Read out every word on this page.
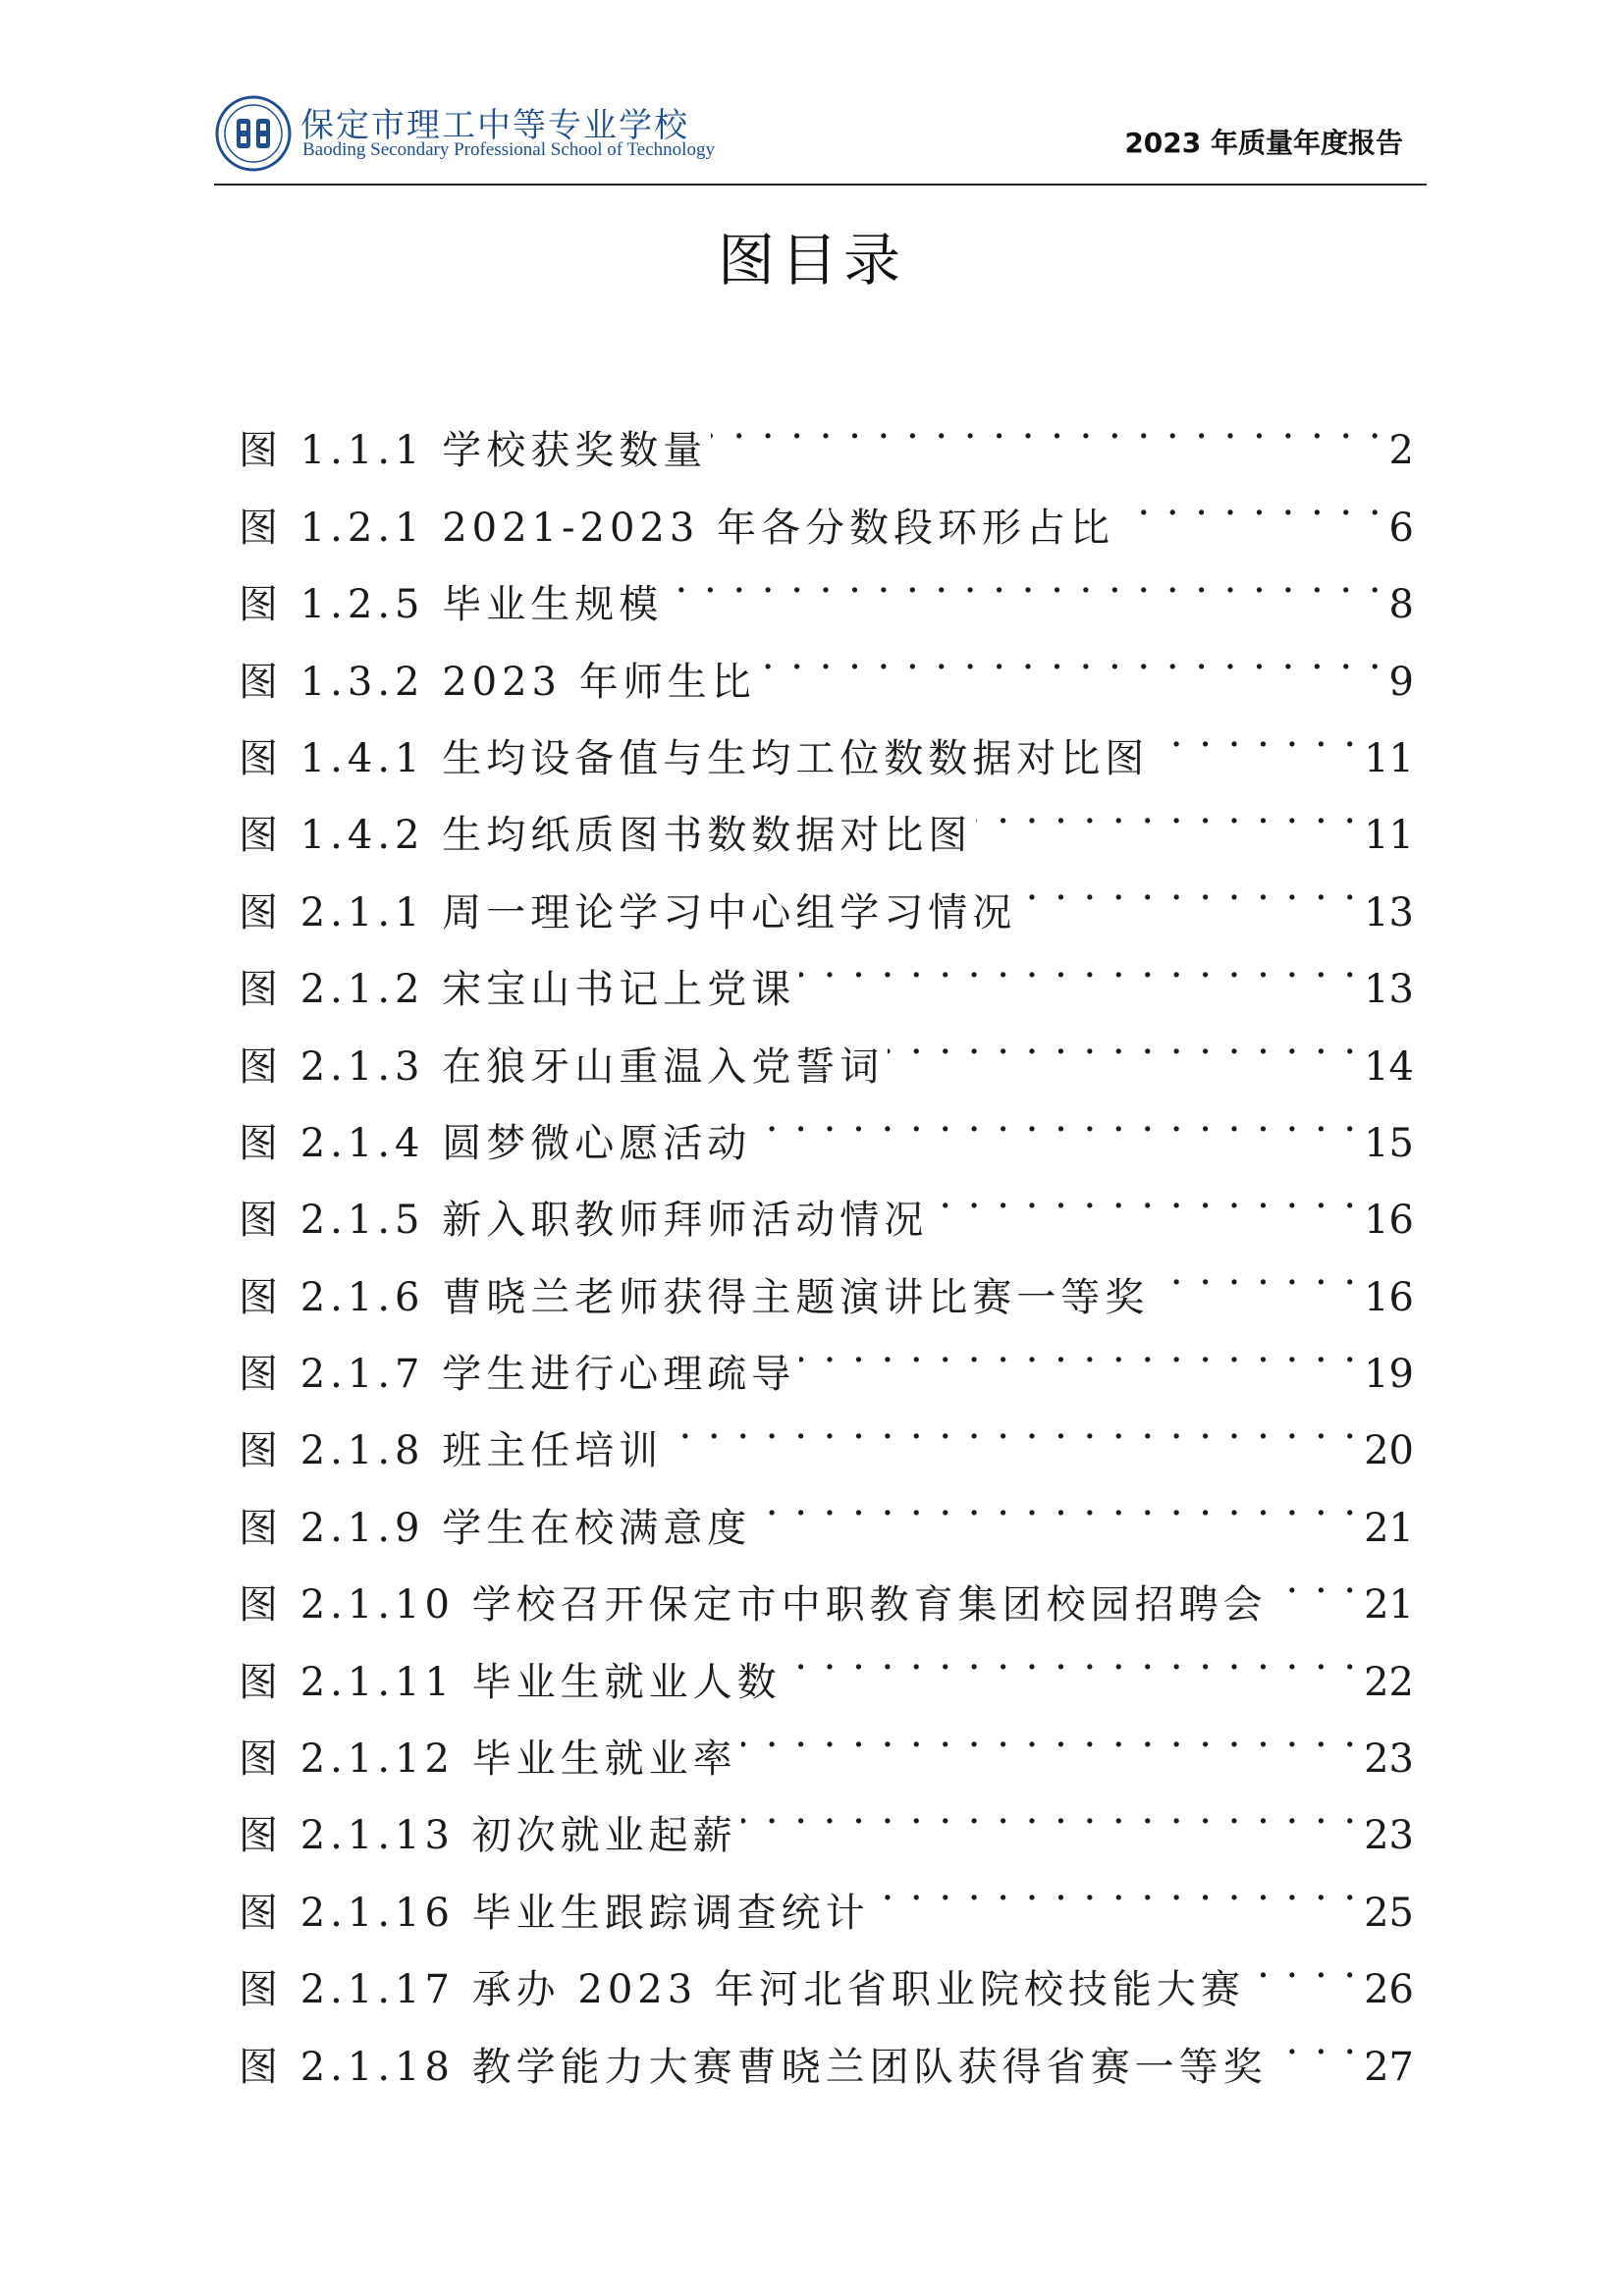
保定市理工中等专业学校
Baoding Secondary Professional School of Technology	2023 年质量年度报告
图目录
图 1.1.1 学校获奖数量 . . .	2
图 1.2.1 2021-2023 年各分数段环形占比 . . .	6
图 1.2.5 毕业生规模 . . .	8
图 1.3.2 2023 年师生比 . . .	9
图 1.4.1 生均设备值与生均工位数数据对比图 . . .	11
图 1.4.2 生均纸质图书数数据对比图 . . .	11
图 2.1.1 周一理论学习中心组学习情况 . . .	13
图 2.1.2 宋宝山书记上党课 . . .	13
图 2.1.3 在狼牙山重温入党誓词 . . .	14
图 2.1.4 圆梦微心愿活动 . . .	15
图 2.1.5 新入职教师拜师活动情况 . . .	16
图 2.1.6 曹晓兰老师获得主题演讲比赛一等奖 . . .	16
图 2.1.7 学生进行心理疏导 . . .	19
图 2.1.8 班主任培训 . . .	20
图 2.1.9 学生在校满意度 . . .	21
图 2.1.10 学校召开保定市中职教育集团校园招聘会 . . . 21
图 2.1.11 毕业生就业人数 . . .	22
图 2.1.12 毕业生就业率 . . .	23
图 2.1.13 初次就业起薪 . . .	23
图 2.1.16 毕业生跟踪调查统计 . . .	25
图 2.1.17 承办 2023 年河北省职业院校技能大赛 . . .	26
图 2.1.18 教学能力大赛曹晓兰团队获得省赛一等奖 . . . 27
